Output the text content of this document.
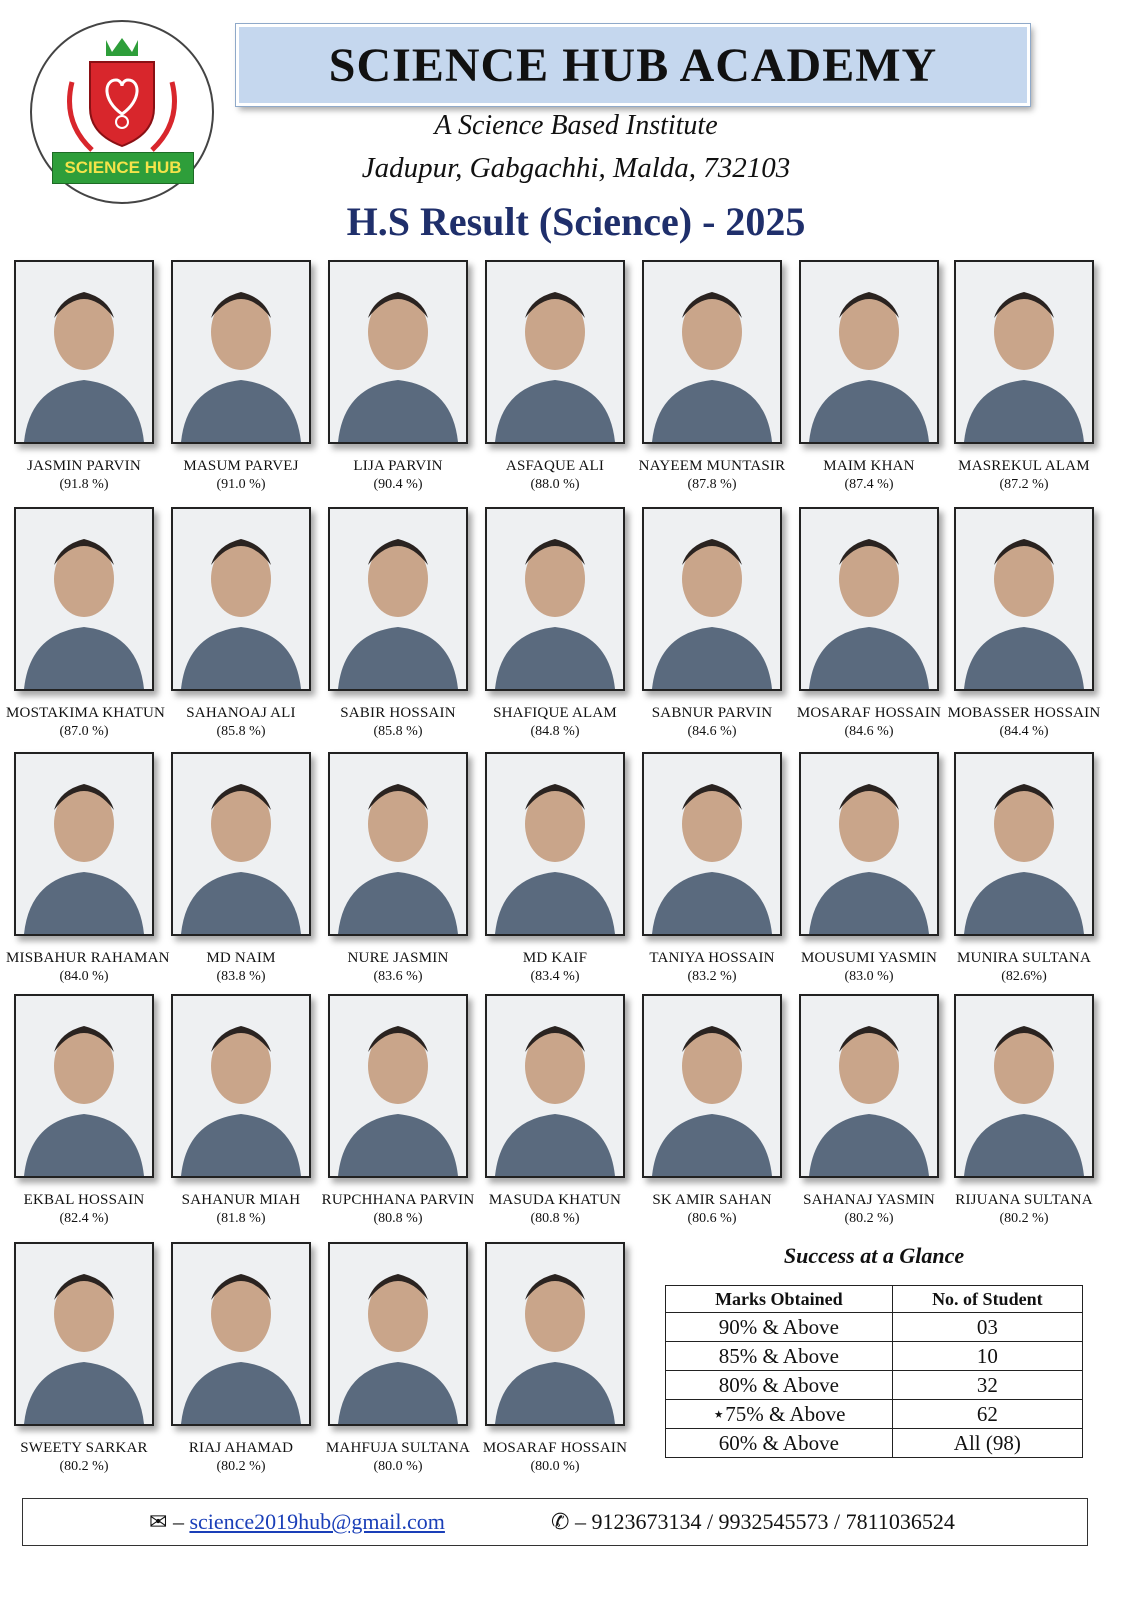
SCIENCE HUB
SCIENCE HUB ACADEMY
A Science Based Institute
Jadupur, Gabgachhi, Malda, 732103
H.S Result (Science) - 2025
JASMIN PARVIN
(91.8 %)
MASUM PARVEJ
(91.0 %)
LIJA PARVIN
(90.4 %)
ASFAQUE ALI
(88.0 %)
NAYEEM MUNTASIR
(87.8 %)
MAIM KHAN
(87.4 %)
MASREKUL ALAM
(87.2 %)
MOSTAKIMA KHATUN
(87.0 %)
SAHANOAJ ALI
(85.8 %)
SABIR HOSSAIN
(85.8 %)
SHAFIQUE ALAM
(84.8 %)
SABNUR PARVIN
(84.6 %)
MOSARAF HOSSAIN
(84.6 %)
MOBASSER HOSSAIN
(84.4 %)
MISBAHUR RAHAMAN
(84.0 %)
MD NAIM
(83.8 %)
NURE JASMIN
(83.6 %)
MD KAIF
(83.4 %)
TANIYA HOSSAIN
(83.2 %)
MOUSUMI YASMIN
(83.0 %)
MUNIRA SULTANA
(82.6%)
EKBAL HOSSAIN
(82.4 %)
SAHANUR MIAH
(81.8 %)
RUPCHHANA PARVIN
(80.8 %)
MASUDA KHATUN
(80.8 %)
SK AMIR SAHAN
(80.6 %)
SAHANAJ YASMIN
(80.2 %)
RIJUANA SULTANA
(80.2 %)
SWEETY SARKAR
(80.2 %)
RIAJ AHAMAD
(80.2 %)
MAHFUJA SULTANA
(80.0 %)
MOSARAF HOSSAIN
(80.0 %)
Success at a Glance
Marks Obtained	No. of Student
90% & Above	03
85% & Above	10
80% & Above	32
⋆75% & Above	62
60% & Above	All (98)
✉ – science2019hub@gmail.com	✆ – 9123673134 / 9932545573 / 7811036524
